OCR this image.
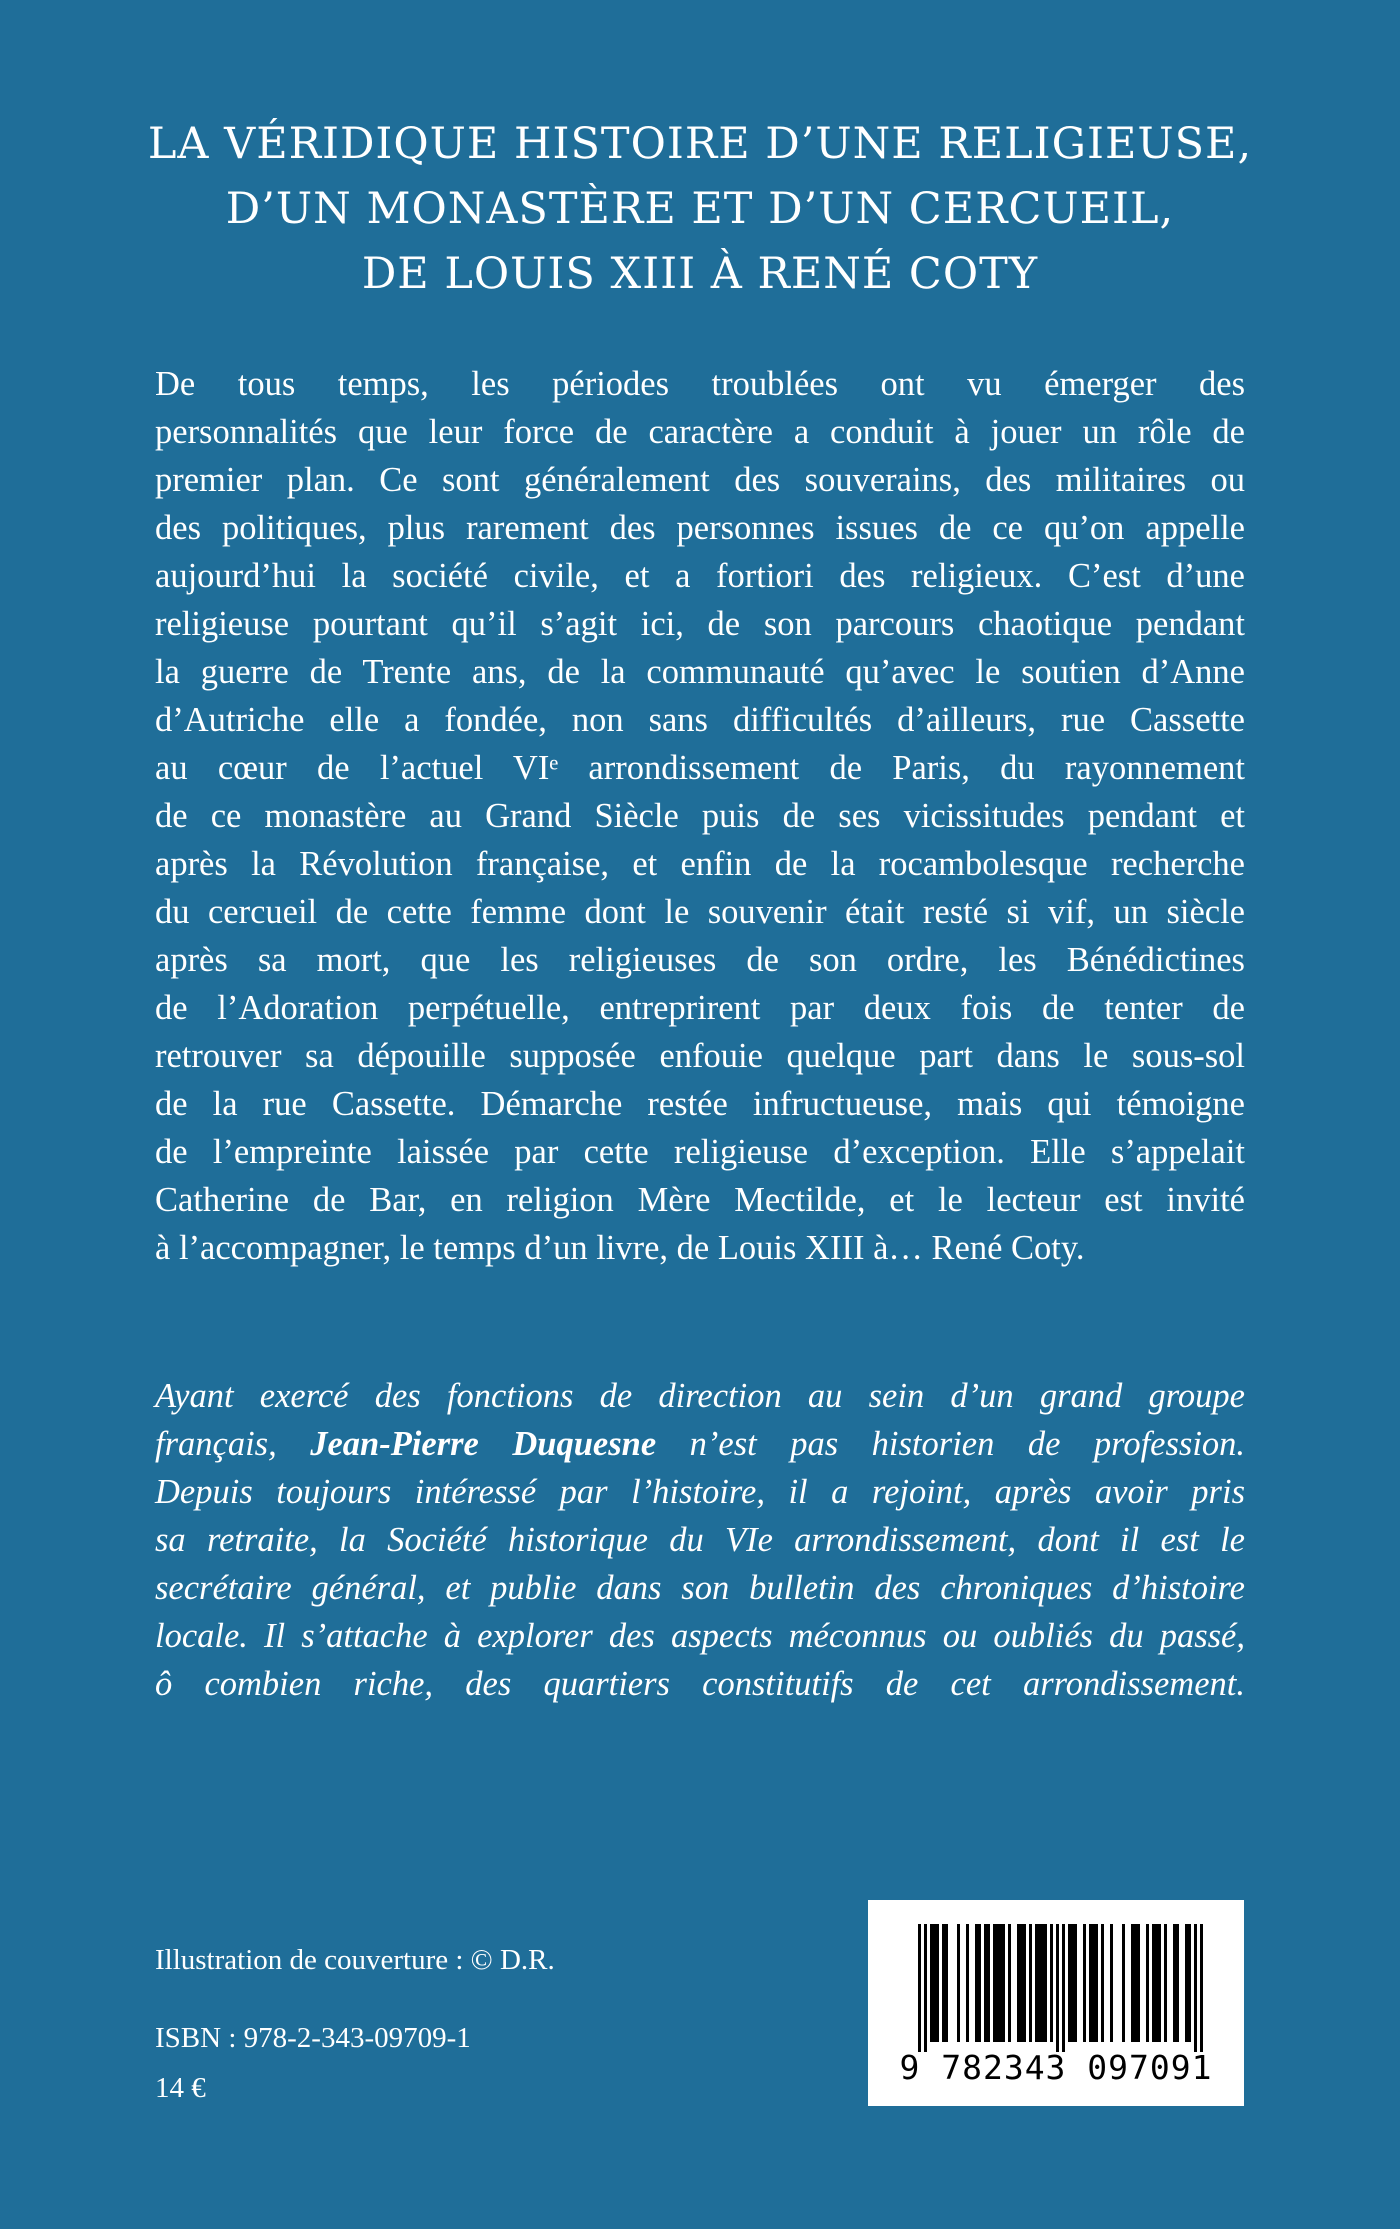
LA VÉRIDIQUE HISTOIRE D’UNE RELIGIEUSE,
D’UN MONASTÈRE ET D’UN CERCUEIL,
DE LOUIS XIII À RENÉ COTY
De tous temps, les périodes troublées ont vu émerger des
personnalités que leur force de caractère a conduit à jouer un rôle de
premier plan. Ce sont généralement des souverains, des militaires ou
des politiques, plus rarement des personnes issues de ce qu’on appelle
aujourd’hui la société civile, et a fortiori des religieux. C’est d’une
religieuse pourtant qu’il s’agit ici, de son parcours chaotique pendant
la guerre de Trente ans, de la communauté qu’avec le soutien d’Anne
d’Autriche elle a fondée, non sans difficultés d’ailleurs, rue Cassette
au cœur de l’actuel VIᵉ arrondissement de Paris, du rayonnement
de ce monastère au Grand Siècle puis de ses vicissitudes pendant et
après la Révolution française, et enfin de la rocambolesque recherche
du cercueil de cette femme dont le souvenir était resté si vif, un siècle
après sa mort, que les religieuses de son ordre, les Bénédictines
de l’Adoration perpétuelle, entreprirent par deux fois de tenter de
retrouver sa dépouille supposée enfouie quelque part dans le sous-sol
de la rue Cassette. Démarche restée infructueuse, mais qui témoigne
de l’empreinte laissée par cette religieuse d’exception. Elle s’appelait
Catherine de Bar, en religion Mère Mectilde, et le lecteur est invité
à l’accompagner, le temps d’un livre, de Louis XIII à… René Coty.
Ayant exercé des fonctions de direction au sein d’un grand groupe
français, Jean-Pierre Duquesne n’est pas historien de profession.
Depuis toujours intéressé par l’histoire, il a rejoint, après avoir pris
sa retraite, la Société historique du VIe arrondissement, dont il est le
secrétaire général, et publie dans son bulletin des chroniques d’histoire
locale. Il s’attache à explorer des aspects méconnus ou oubliés du passé,
ô combien riche, des quartiers constitutifs de cet arrondissement.
Illustration de couverture : © D.R.
ISBN : 978-2-343-09709-1
14 €
9 782343 097091
